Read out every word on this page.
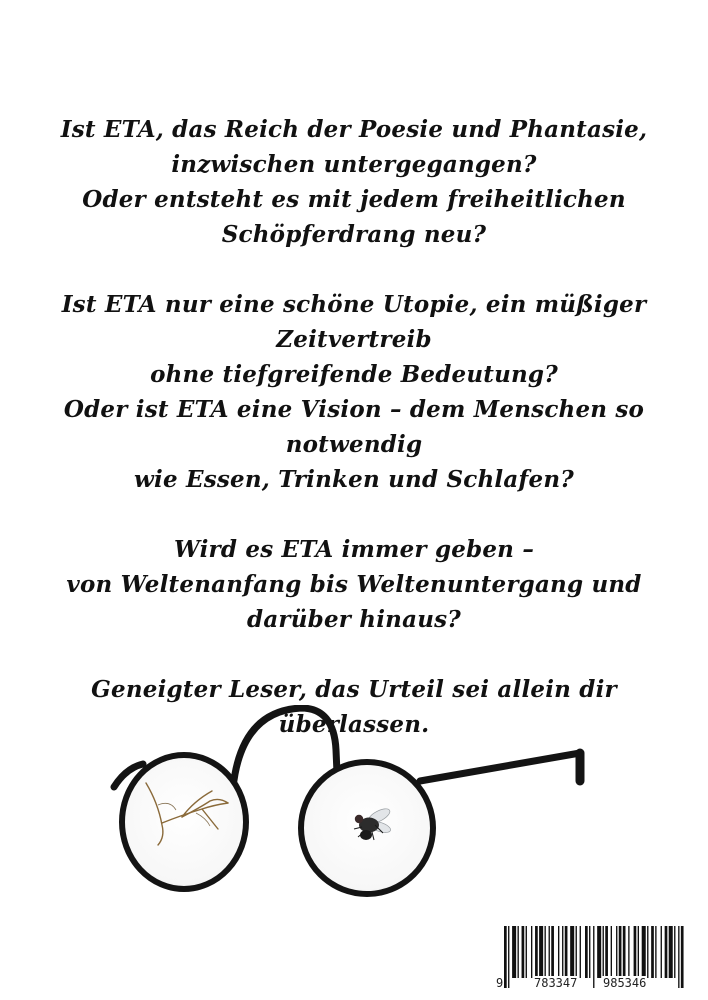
Ist ETA, das Reich der Poesie und Phantasie,
inzwischen untergegangen?
Oder entsteht es mit jedem freiheitlichen
Schöpferdrang neu?

Ist ETA nur eine schöne Utopie, ein müßiger
Zeitvertreib
ohne tiefgreifende Bedeutung?
Oder ist ETA eine Vision – dem Menschen so
notwendig
wie Essen, Trinken und Schlafen?

Wird es ETA immer geben –
von Weltenanfang bis Weltenuntergang und
darüber hinaus?

Geneigter Leser, das Urteil sei allein dir
überlassen.

9	783347 985346
